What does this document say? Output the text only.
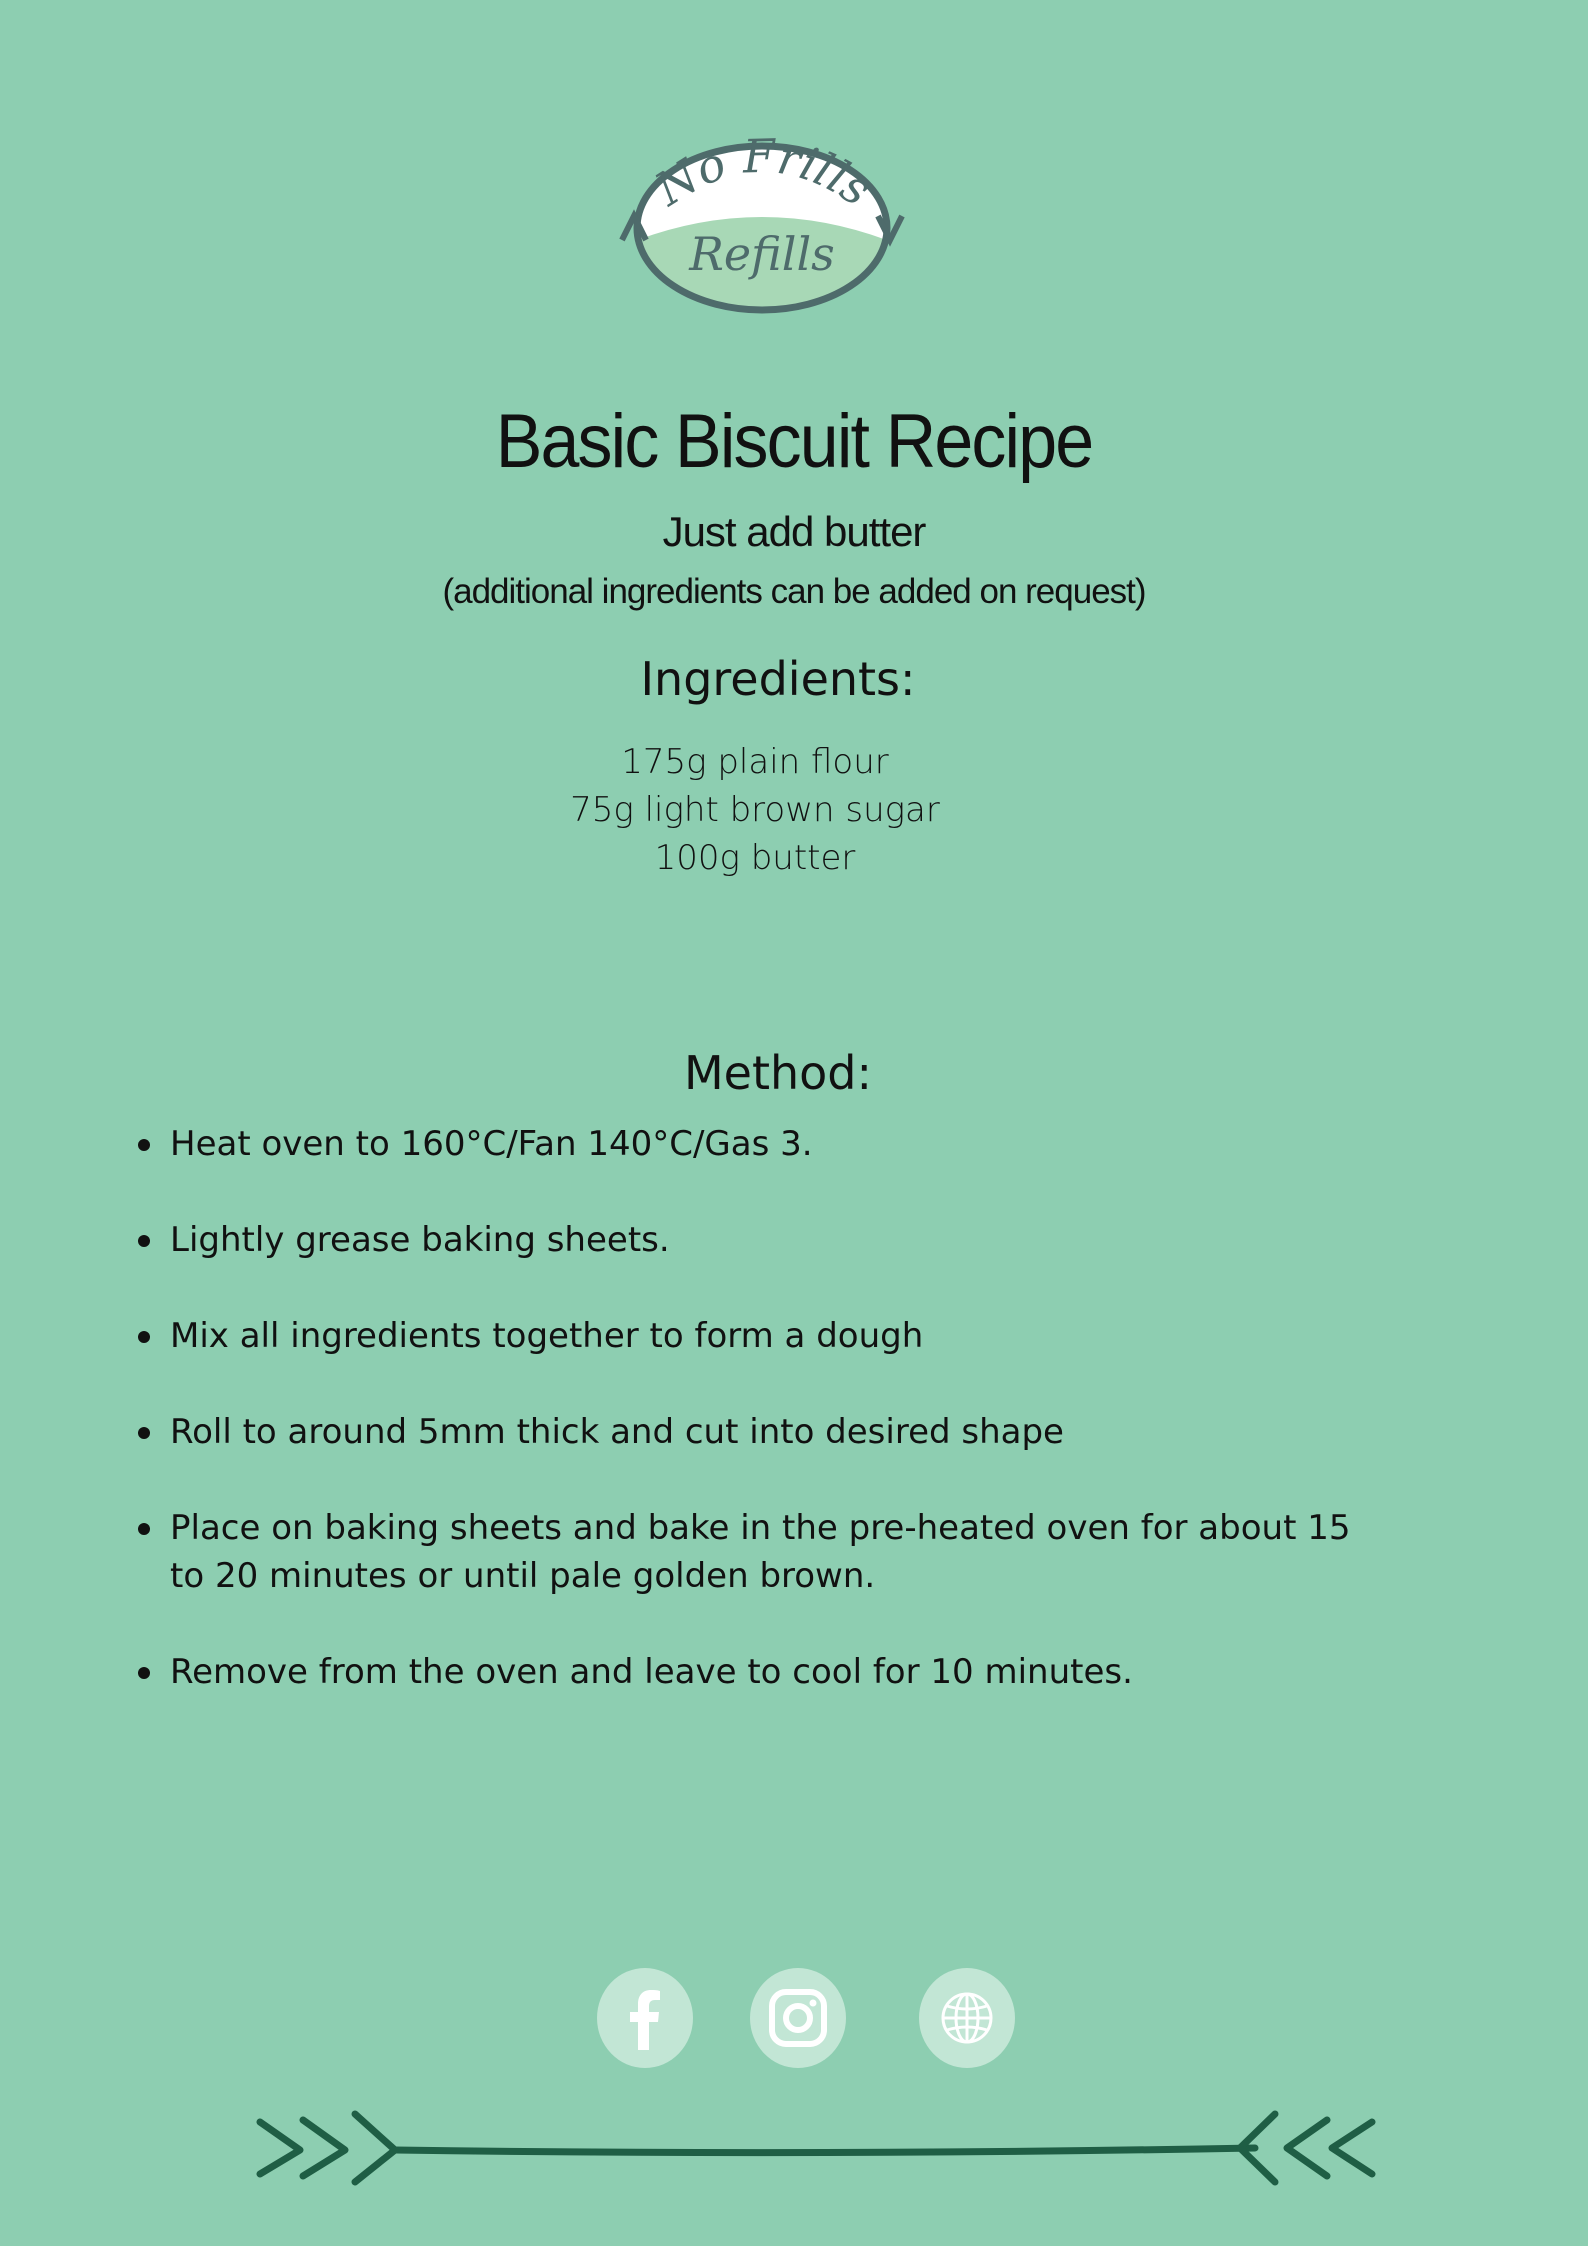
No Frills
Refills
Basic Biscuit Recipe
Just add butter
(additional ingredients can be added on request)
Ingredients:
175g plain flour
75g light brown sugar
100g butter
Method:
Heat oven to 160°C/Fan 140°C/Gas 3.
Lightly grease baking sheets.
Mix all ingredients together to form a dough
Roll to around 5mm thick and cut into desired shape
Place on baking sheets and bake in the pre-heated oven for about 15 to 20 minutes or until pale golden brown.
Remove from the oven and leave to cool for 10 minutes.
